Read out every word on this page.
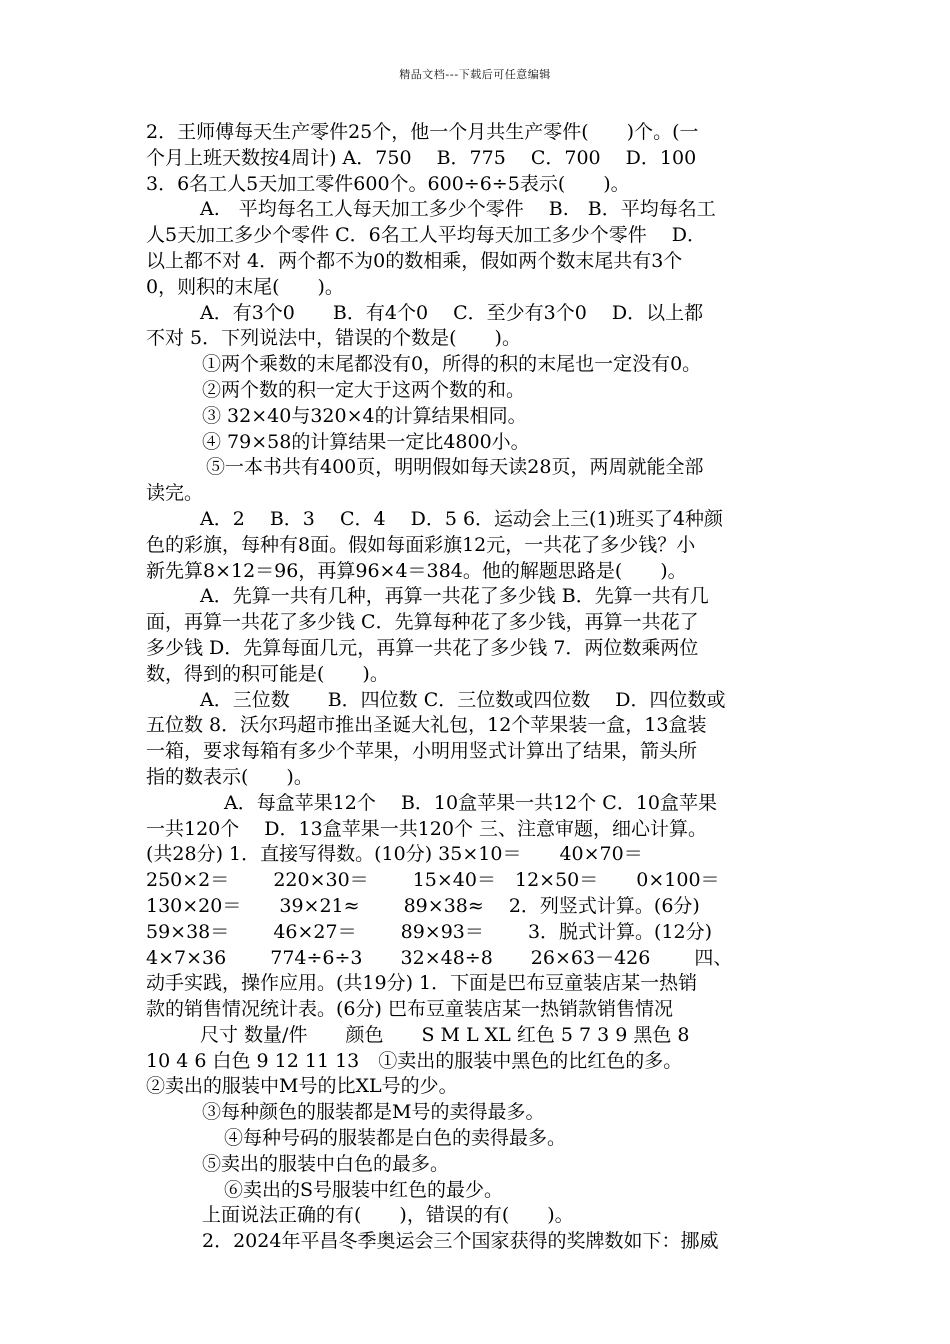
精品文档---下载后可任意编辑
2．王师傅每天生产零件25个，他一个月共生产零件(　　)个。(一
个月上班天数按4周计) A．750　 B．775　 C．700　 D．100
3．6名工人5天加工零件600个。600÷6÷5表示(　　)。
A.　平均每名工人每天加工多少个零件　 B.　B．平均每名工
人5天加工多少个零件 C．6名工人平均每天加工多少个零件　 D．
以上都不对 4．两个都不为0的数相乘，假如两个数末尾共有3个
0，则积的末尾(　　)。
A．有3个0　　B．有4个0　 C．至少有3个0　 D．以上都
不对 5．下列说法中，错误的个数是(　　)。
①两个乘数的末尾都没有0，所得的积的末尾也一定没有0。
②两个数的积一定大于这两个数的和。
③ 32×40与320×4的计算结果相同。
④ 79×58的计算结果一定比4800小。
⑤一本书共有400页，明明假如每天读28页，两周就能全部
读完。
A．2　 B．3　 C．4　 D．5 6．运动会上三(1)班买了4种颜
色的彩旗，每种有8面。假如每面彩旗12元，一共花了多少钱？小
新先算8×12＝96，再算96×4＝384。他的解题思路是(　　)。
A．先算一共有几种，再算一共花了多少钱 B．先算一共有几
面，再算一共花了多少钱 C．先算每种花了多少钱，再算一共花了
多少钱 D．先算每面几元，再算一共花了多少钱 7．两位数乘两位
数，得到的积可能是(　　)。
A．三位数　　B．四位数 C．三位数或四位数　 D．四位数或
五位数 8．沃尔玛超市推出圣诞大礼包，12个苹果装一盒，13盒装
一箱，要求每箱有多少个苹果，小明用竖式计算出了结果，箭头所
指的数表示(　　)。
A．每盒苹果12个　 B．10盒苹果一共12个 C．10盒苹果
一共120个　 D．13盒苹果一共120个 三、注意审题，细心计算。
(共28分) 1．直接写得数。(10分) 35×10＝　　40×70＝
250×2＝　　 220×30＝　　 15×40＝　12×50＝　　0×100＝
130×20＝　　39×21≈　　 89×38≈　 2．列竖式计算。(6分)
59×38＝　　 46×27＝　　 89×93＝　　 3．脱式计算。(12分)
4×7×36　　 774÷6÷3　　32×48÷8　　26×63－426　　 四、
动手实践，操作应用。(共19分) 1．下面是巴布豆童装店某一热销
款的销售情况统计表。(6分) 巴布豆童装店某一热销款销售情况
尺寸 数量/件　　颜色　　S M L XL 红色 5 7 3 9 黑色 8
10 4 6 白色 9 12 11 13　①卖出的服装中黑色的比红色的多。
②卖出的服装中M号的比XL号的少。
③每种颜色的服装都是M号的卖得最多。
④每种号码的服装都是白色的卖得最多。
⑤卖出的服装中白色的最多。
⑥卖出的S号服装中红色的最少。
上面说法正确的有(　　)，错误的有(　　)。
2．2024年平昌冬季奥运会三个国家获得的奖牌数如下：挪威
